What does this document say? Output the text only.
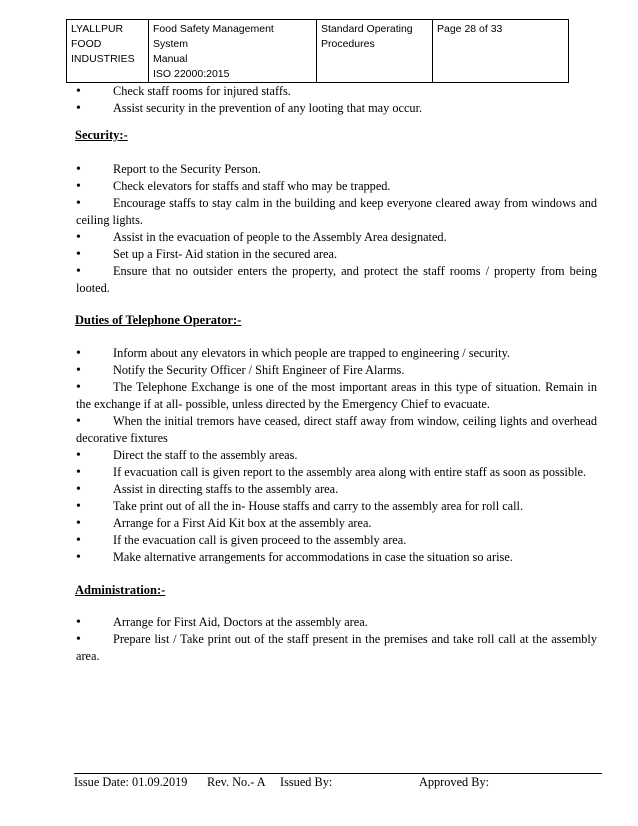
LYALLPUR
FOOD
INDUSTRIES

Food Safety Management System
Manual
ISO 22000:2015

Standard Operating
Procedures

Page 28 of 33
• Check staff rooms for injured staffs.
• Assist security in the prevention of any looting that may occur.
Security:-
• Report to the Security Person.
• Check elevators for staffs and staff who may be trapped.
• Encourage staffs to stay calm in the building and keep everyone cleared away from windows and ceiling lights.
• Assist in the evacuation of people to the Assembly Area designated.
• Set up a First- Aid station in the secured area.
• Ensure that no outsider enters the property, and protect the staff rooms / property from being looted.
Duties of Telephone Operator:-
• Inform about any elevators in which people are trapped to engineering / security.
• Notify the Security Officer / Shift Engineer of Fire Alarms.
• The Telephone Exchange is one of the most important areas in this type of situation. Remain in the exchange if at all- possible, unless directed by the Emergency Chief to evacuate.
• When the initial tremors have ceased, direct staff away from window, ceiling lights and overhead decorative fixtures
• Direct the staff to the assembly areas.
• If evacuation call is given report to the assembly area along with entire staff as soon as possible.
• Assist in directing staffs to the assembly area.
• Take print out of all the in- House staffs and carry to the assembly area for roll call.
• Arrange for a First Aid Kit box at the assembly area.
• If the evacuation call is given proceed to the assembly area.
• Make alternative arrangements for accommodations in case the situation so arise.
Administration:-
• Arrange for First Aid, Doctors at the assembly area.
• Prepare list / Take print out of the staff present in the premises and take roll call at the assembly area.
Issue Date: 01.09.2019 Rev. No.- A Issued By:	Approved By:
